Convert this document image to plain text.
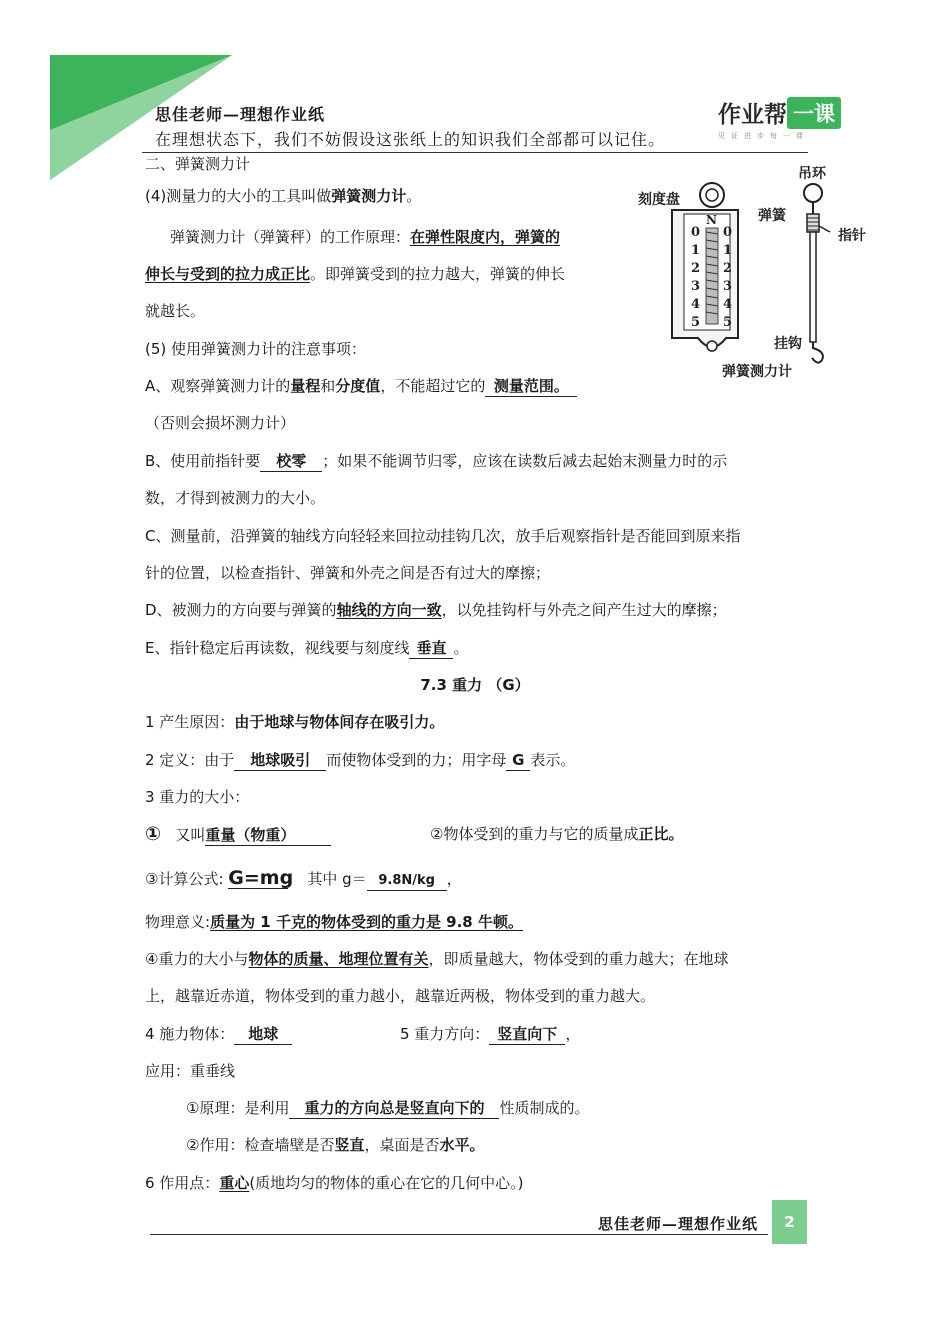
思佳老师—理想作业纸
在理想状态下，我们不妨假设这张纸上的知识我们全部都可以记住。
作业帮 一课
见证进步每一课
二、弹簧测力计
(4)测量力的大小的工具叫做弹簧测力计。
弹簧测力计（弹簧秤）的工作原理：在弹性限度内，弹簧的
伸长与受到的拉力成正比。即弹簧受到的拉力越大，弹簧的伸长
就越长。
(5) 使用弹簧测力计的注意事项：
A、观察弹簧测力计的量程和分度值，不能超过它的 测量范围。
（否则会损坏测力计）
B、使用前指针要 校零 ；如果不能调节归零，应该在读数后减去起始末测量力时的示
数，才得到被测力的大小。
C、测量前，沿弹簧的轴线方向轻轻来回拉动挂钩几次，放手后观察指针是否能回到原来指
针的位置，以检查指针、弹簧和外壳之间是否有过大的摩擦；
D、被测力的方向要与弹簧的轴线的方向一致，以免挂钩杆与外壳之间产生过大的摩擦；
E、指针稳定后再读数，视线要与刻度线 垂直 。
N
0
1
2
3
4
5
0
1
2
3
4
5
刻度盘
吊环
弹簧
指针
挂钩
弹簧测力计
7.3 重力 （G）
1 产生原因：由于地球与物体间存在吸引力。
2 定义：由于 地球吸引 而使物体受到的力；用字母 G 表示。
3 重力的大小：
① 又叫重量（物重）	②物体受到的重力与它的质量成正比。
③计算公式: G=mg 其中 g＝ 9.8N/kg ，
物理意义:质量为 1 千克的物体受到的重力是 9.8 牛顿。
④重力的大小与物体的质量、地理位置有关，即质量越大，物体受到的重力越大；在地球
上，越靠近赤道，物体受到的重力越小，越靠近两极，物体受到的重力越大。
4 施力物体： 地球	5 重力方向： 竖直向下 ，
应用：重垂线
①原理：是利用 重力的方向总是竖直向下的 性质制成的。
②作用：检查墙壁是否竖直，桌面是否水平。
6 作用点：重心(质地均匀的物体的重心在它的几何中心。)
思佳老师—理想作业纸	2
